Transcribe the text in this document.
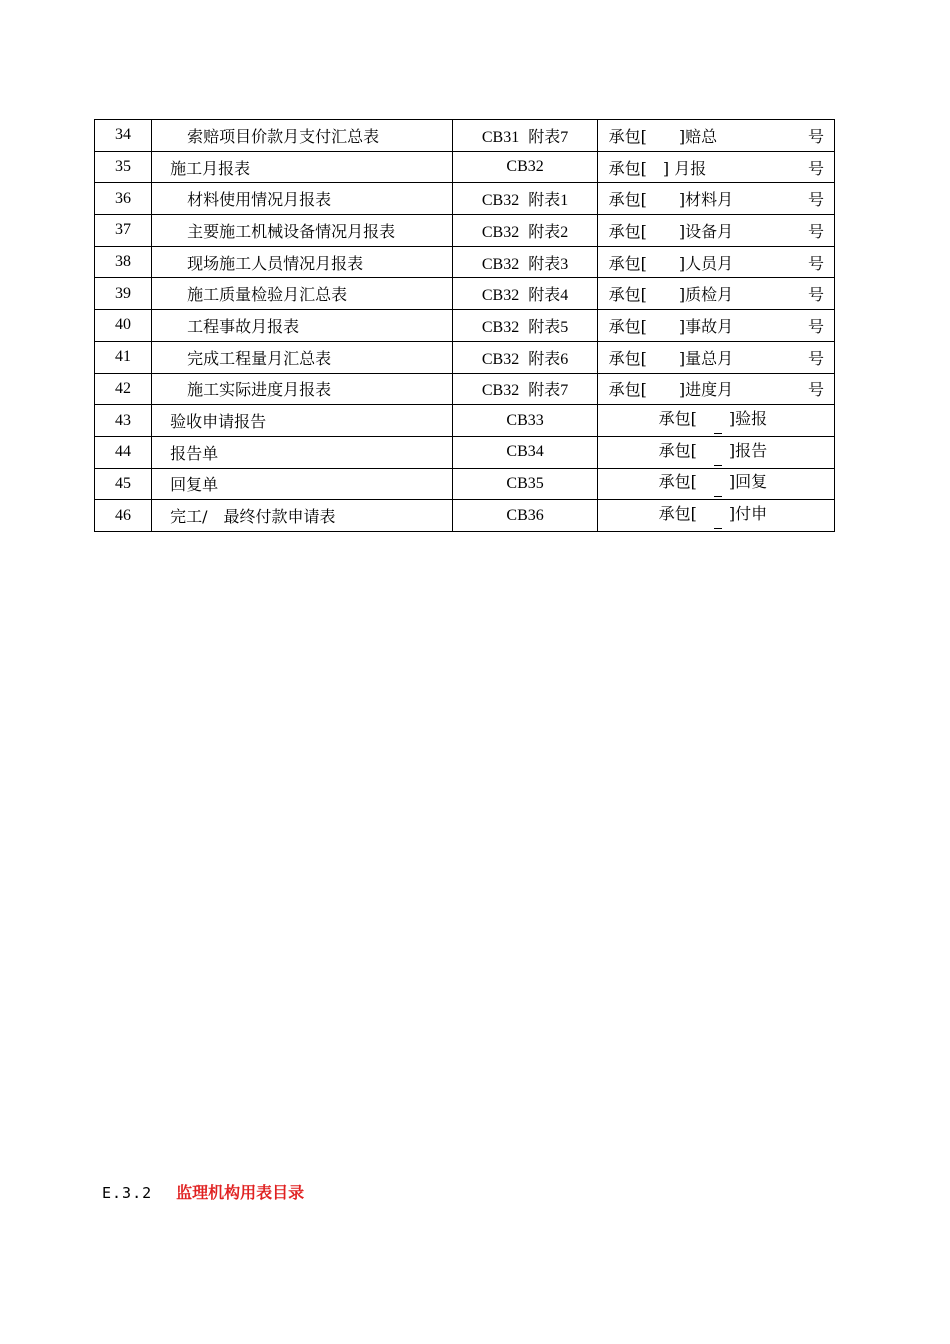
34	索赔项目价款月支付汇总表	CB31 附表7	承包[　　]赔总 号

35	施工月报表	CB32	承包[　] 月报 号

36	材料使用情况月报表	CB32 附表1	承包[　　]材料月 号

37	主要施工机械设备情况月报表	CB32 附表2	承包[　　]设备月 号

38	现场施工人员情况月报表	CB32 附表3	承包[　　]人员月 号

39	施工质量检验月汇总表	CB32 附表4	承包[　　]质检月 号

40	工程事故月报表	CB32 附表5	承包[　　]事故月 号

41	完成工程量月汇总表	CB32 附表6	承包[　　]量总月 号

42	施工实际进度月报表	CB32 附表7	承包[　　]进度月 号

43	验收申请报告	CB33	承包[　　]验报

44	报告单	CB34	承包[　　]报告

45	回复单	CB35	承包[　　]回复

46	完工/　最终付款申请表	CB36	承包[　　]付申
E.3.2 监理机构用表目录
